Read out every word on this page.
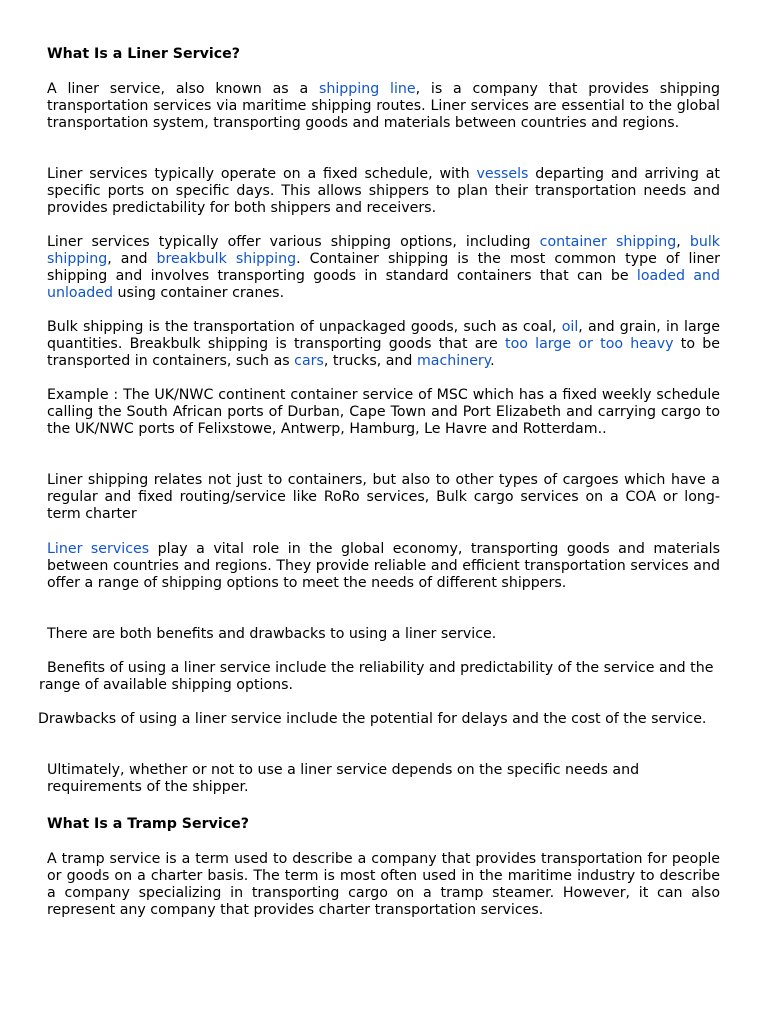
What Is a Liner Service?

A liner service, also known as a shipping line, is a company that provides shipping transportation services via maritime shipping routes. Liner services are essential to the global transportation system, transporting goods and materials between countries and regions.

Liner services typically operate on a fixed schedule, with vessels departing and arriving at specific ports on specific days. This allows shippers to plan their transportation needs and provides predictability for both shippers and receivers.

Liner services typically offer various shipping options, including container shipping, bulk shipping, and breakbulk shipping. Container shipping is the most common type of liner shipping and involves transporting goods in standard containers that can be loaded and unloaded using container cranes.

Bulk shipping is the transportation of unpackaged goods, such as coal, oil, and grain, in large quantities. Breakbulk shipping is transporting goods that are too large or too heavy to be transported in containers, such as cars, trucks, and machinery.

Example : The UK/NWC continent container service of MSC which has a fixed weekly schedule calling the South African ports of Durban, Cape Town and Port Elizabeth and carrying cargo to the UK/NWC ports of Felixstowe, Antwerp, Hamburg, Le Havre and Rotterdam..

Liner shipping relates not just to containers, but also to other types of cargoes which have a regular and fixed routing/service like RoRo services, Bulk cargo services on a COA or long-term charter

Liner services play a vital role in the global economy, transporting goods and materials between countries and regions. They provide reliable and efficient transportation services and offer a range of shipping options to meet the needs of different shippers.

There are both benefits and drawbacks to using a liner service.

Benefits of using a liner service include the reliability and predictability of the service and the range of available shipping options.

Drawbacks of using a liner service include the potential for delays and the cost of the service.

Ultimately, whether or not to use a liner service depends on the specific needs and requirements of the shipper.

What Is a Tramp Service?

A tramp service is a term used to describe a company that provides transportation for people or goods on a charter basis. The term is most often used in the maritime industry to describe a company specializing in transporting cargo on a tramp steamer. However, it can also represent any company that provides charter transportation services.
